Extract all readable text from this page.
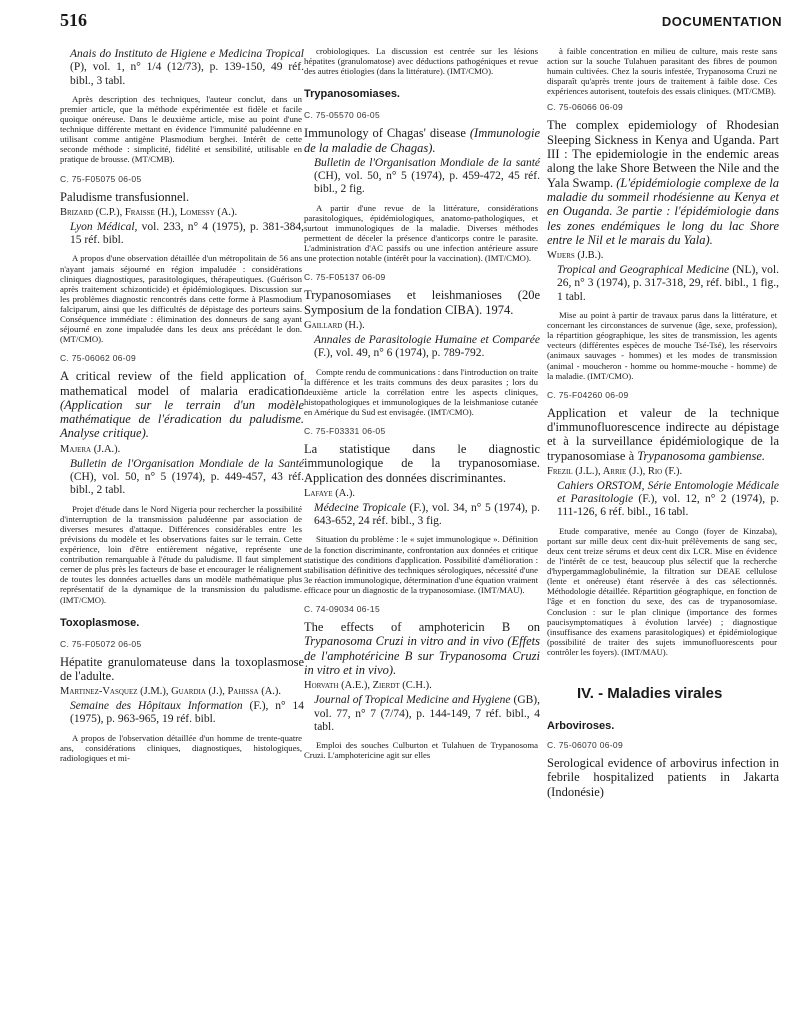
516	DOCUMENTATION
Anais do Instituto de Higiene e Medicina Tropical (P), vol. 1, n° 1/4 (12/73), p. 139-150, 49 réf. bibl., 3 tabl.
Après description des techniques, l'auteur conclut, dans un premier article, que la méthode expérimentée est fidèle et facile quoique onéreuse. Dans le deuxième article, mise au point d'une technique différente mettant en évidence l'immunité paludéenne en utilisant comme antigène Plasmodium berghei. Intérêt de cette seconde méthode : simplicité, fidélité et sensibilité, utilisable en pratique de brousse. (MT/CMB).
C. 75-F05075 06-05
Paludisme transfusionnel.
Brizard (C.P.), Fraisse (H.), Lomessy (A.).
Lyon Médical, vol. 233, n° 4 (1975), p. 381-384, 15 réf. bibl.
A propos d'une observation détaillée d'un métropolitain de 56 ans n'ayant jamais séjourné en région impaludée : considérations cliniques diagnostiques, parasitologiques, thérapeutiques. (Guérison après traitement schizonticide) et épidémiologiques. Discussion sur les problèmes diagnostic rencontrés dans cette forme à Plasmodium falciparum, ainsi que les difficultés de dépistage des porteurs sains. Conséquence immédiate : élimination des donneurs de sang ayant séjourné en zone impaludée dans les deux ans précédant le don. (MT/CMO).
C. 75-06062 06-09
A critical review of the field application of mathematical model of malaria eradication (Application sur le terrain d'un modèle mathématique de l'éradication du paludisme. Analyse critique).
Majera (J.A.).
Bulletin de l'Organisation Mondiale de la Santé (CH), vol. 50, n° 5 (1974), p. 449-457, 43 réf. bibl., 2 tabl.
Projet d'étude dans le Nord Nigeria pour rechercher la possibilité d'interruption de la transmission paludéenne par association de diverses mesures d'attaque. Différences considérables entre les prévisions du modèle et les observations faites sur le terrain. Cette expérience, loin d'être entièrement négative, représente une contribution remarquable à l'étude du paludisme. Il faut simplement cerner de plus près les facteurs de base et encourager le réalignement de toutes les données actuelles dans un modèle mathématique plus représentatif de la dynamique de la transmission du paludisme. (IMT/CMO).
Toxoplasmose.
C. 75-F05072 06-05
Hépatite granulomateuse dans la toxoplasmose de l'adulte.
Martinez-Vasquez (J.M.), Guardia (J.), Pahissa (A.).
Semaine des Hôpitaux Information (F.), n° 14 (1975), p. 963-965, 19 réf. bibl.
A propos de l'observation détaillée d'un homme de trente-quatre ans, considérations cliniques, diagnostiques, histologiques, radiologiques et mi-
crobiologiques. La discussion est centrée sur les lésions hépatites (granulomatose) avec déductions pathogéniques et revue des autres étiologies (dans la littérature). (IMT/CMO).
Trypanosomiases.
C. 75-05570 06-05
Immunology of Chagas' disease (Immunologie de la maladie de Chagas).
Bulletin de l'Organisation Mondiale de la santé (CH), vol. 50, n° 5 (1974), p. 459-472, 45 réf. bibl., 2 fig.
A partir d'une revue de la littérature, considérations parasitologiques, épidémiologiques, anatomo-pathologiques, et surtout immunologiques de la maladie. Diverses méthodes permettent de déceler la présence d'anticorps contre le parasite. L'administration d'AC passifs ou une infection antérieure assure une protection notable (intérêt pour la vaccination). (IMT/CMO).
C. 75-F05137 06-09
Trypanosomiases et leishmanioses (20e Symposium de la fondation CIBA). 1974.
Gaillard (H.).
Annales de Parasitologie Humaine et Comparée (F.), vol. 49, n° 6 (1974), p. 789-792.
Compte rendu de communications : dans l'introduction on traite la différence et les traits communs des deux parasites ; lors du deuxième article la corrélation entre les aspects cliniques, histopathologiques et immunologiques de la leishmaniose cutanée en Amérique du Sud est envisagée. (IMT/CMO).
C. 75-F03331 06-05
La statistique dans le diagnostic immunologique de la trypanosomiase. Application des données discriminantes.
Lafaye (A.).
Médecine Tropicale (F.), vol. 34, n° 5 (1974), p. 643-652, 24 réf. bibl., 3 fig.
Situation du problème : le « sujet immunologique ». Définition de la fonction discriminante, confrontation aux données et critique statistique des conditions d'application. Possibilité d'amélioration : stabilisation définitive des techniques sérologiques, nécessité d'une 3e réaction immunologique, détermination d'une équation vraiment efficace pour un diagnostic de la trypanosomiase. (IMT/MAU).
C. 74-09034 06-15
The effects of amphotericin B on Trypanosoma Cruzi in vitro and in vivo (Effets de l'amphotéricine B sur Trypanosoma Cruzi in vitro et in vivo).
Horvath (A.E.), Zierdt (C.H.).
Journal of Tropical Medicine and Hygiene (GB), vol. 77, n° 7 (7/74), p. 144-149, 7 réf. bibl., 4 tabl.
Emploi des souches Culburton et Tulahuen de Trypanosoma Cruzi. L'amphotericine agit sur elles
à faible concentration en milieu de culture, mais reste sans action sur la souche Tulahuen parasitant des fibres de poumon humain cultivées. Chez la souris infestée, Trypanosoma Cruzi ne disparaît qu'après trente jours de traitement à faible dose. Ces expériences autorisent, toutefois des essais cliniques. (MT/CMB).
C. 75-06066 06-09
The complex epidemiology of Rhodesian Sleeping Sickness in Kenya and Uganda. Part III : The epidemiologie in the endemic areas along the lake Shore Between the Nile and the Yala Swamp. (L'épidémiologie complexe de la maladie du sommeil rhodésienne au Kenya et en Ouganda. 3e partie : l'épidémiologie dans les zones endémiques le long du lac Shore entre le Nil et le marais du Yala).
Wijers (J.B.).
Tropical and Geographical Medicine (NL), vol. 26, n° 3 (1974), p. 317-318, 29, réf. bibl., 1 fig., 1 tabl.
Mise au point à partir de travaux parus dans la littérature, et concernant les circonstances de survenue (âge, sexe, profession), la répartition géographique, les sites de transmission, les agents vecteurs (différentes espèces de mouche Tsé-Tsé), les réservoirs (animaux sauvages - hommes) et les modes de transmission (animal - moucheron - homme ou homme-mouche - homme) de la maladie. (IMT/CMO).
C. 75-F04260 06-09
Application et valeur de la technique d'immunofluorescence indirecte au dépistage et à la surveillance épidémiologique de la trypanosomiase à Trypanosoma gambiense.
Frezil (J.L.), Arrie (J.), Rio (F.).
Cahiers ORSTOM, Série Entomologie Médicale et Parasitologie (F.), vol. 12, n° 2 (1974), p. 111-126, 6 réf. bibl., 16 tabl.
Etude comparative, menée au Congo (foyer de Kinzaba), portant sur mille deux cent dix-huit prélèvements de sang sec, deux cent treize sérums et deux cent dix LCR. Mise en évidence de l'intérêt de ce test, beaucoup plus sélectif que la recherche d'hypergammaglobulinémie, la filtration sur DEAE cellulose (lente et onéreuse) étant réservée à des cas sélectionnés. Méthodologie détaillée. Répartition géographique, en fonction de l'âge et en fonction du sexe, des cas de trypanosomiase. Conclusion : sur le plan clinique (importance des formes paucisymptomatiques à évolution larvée) ; diagnostique (insuffisance des examens parasitologiques) et épidémiologique (possibilité de traiter des sujets immunofluorescents pour contrôler les foyers). (IMT/MAU).
IV. - Maladies virales
Arboviroses.
C. 75-06070 06-09
Serological evidence of arbovirus infection in febrile hospitalized patients in Jakarta (Indonésie)
